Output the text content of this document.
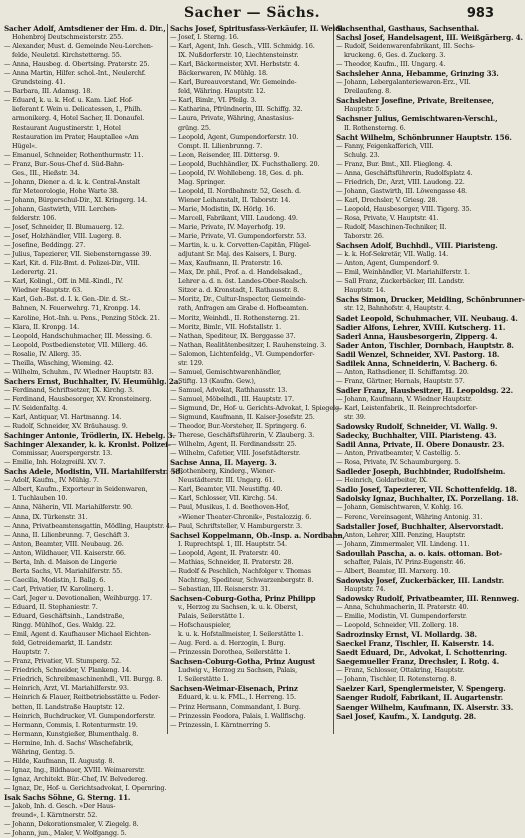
Sacher — Sächs.	983
Sacher Adolf, Amtsdiener der Hm. d. Dir.,
Hohenbroj Deutschmeisterstr. 255.
— Alexander, Must. d. Gemeinde Neu-Lerchen-
felde, Neuletzl. Kirchstetterng. 55.
— Anna, Hausbeg. d. Obertsing. Praterstr. 25.
— Anna Martin, Hilfer. schol.-Int., Neulerchf.
Grundsteing. 41.
— Barbara, III. Adamsg. 18.
— Eduard, k. u. k. Hof. u. Kam. Lief. Hof-
lieferant f. Wein u. Delicatessen, I., Philh.
armonikerg. 4, Hotel Sacher, II. Donaufel.
Restaurant Augustinerstr. 1, Hotel
Restauration im Prater, Hauptallee »Am
Hügel«.
— Emanuel, Schneider, Rothenthurmstr. 11.
— Franz, Bur.-Sous-Chef d. Süd-Bahn-
Ges., III., Hießstr. 34.
— Johann, Diener a. d. k. k. Central-Anstalt
für Meteorologie, Hohe Warte 38.
— Johann, Bürgerschul-Dir., XI. Kringerg. 14.
— Johann, Gastwirth, VIII. Lerchen-
felderstr. 106.
— Josef, Schneider, II. Blumauerg. 12.
— Josef, Holzhändler, VIII. Lugerg. 8.
— Josefine, Beddingg. 27.
— Julius, Tapezierer, VII. Siebensterngasse 39.
— Karl, Kit. d. Filz-Bmt. d. Polizei-Dir., VIII.
Lederertg. 21.
— Karl, Kolingl., Off. in Mil.-Kindl., IV.
Wiedner Hauptstr. 63.
— Karl, Geh.-Bst. d. I. k. Gen.-Dir. d. St.-
Bahnen, N. Feuerwehrg. 71, Kronpg. 14.
— Karoline, Hot.-Inh. u. Pens., Penzing Stöck. 21.
— Klara, II. Kronpg. 14.
— Leopold, Handschuhmacher, III. Messing. 6.
— Leopold, Postbediensteter, VII. Millerg. 46.
— Rosalie, IV. Allerg. 35.
— Theilla, Wäsching, Wieming. 42.
— Wilhelm, Schuhm., IV. Wiedner Hauptstr. 83.
Sachers Ernst, Buchhalter, IV. Heumühlg. 2a.
— Ferdinand, Schriftsetzer, IX. Kirchg. 3.
— Ferdinand, Hausbesorger, XV. Kronsteinerg.
— IV. Seidenfaltg. 4.
— Karl, Antiquar, VI. Hartmanng. 14.
— Rudolf, Schneider, XV. Bräuhausg. 9.
Sachinger Antonie, Trödlerin, IX. Hebelg. 3.
Sachinger Alexander, k. k. Kronlst. Polizei-
Commissar, Auerspergerstr. 13.
— Emilie, Inh. Holzgreißl. XV. 7.
Sachs Adele, Modistin, VII. Mariahilferstr. 58.
— Adolf, Kaufm., IV. Mühlg. 7.
— Albert, Kaufm., Exporteur in Seidenwaren,
I. Tuchlauben 10.
— Anna, Näherin, VII. Mariahilferstr. 90.
— Anna, IX. Türkenstr. 31.
— Anna, Privatbeamtensgattin, Mödling, Hauptstr. 4.
— Anna, II. Lilienbrunng. 7, Geschäft 3.
— Anton, Beamter, VIII. Neubaug. 26.
— Anton, Wildhauer, VII. Kaiserstr. 66.
— Berta, Inh. d. Maison de Lingerie
Berta Sachs, VI. Mariahilferstr. 55.
— Caecilia, Modistin, I. Ballg. 6.
— Carl, Privatier, IV. Karolinerg. 1.
— Carl, Jeger u. Devotionalien, Weihburgg. 17.
— Eduard, II. Stephaniestr. 7.
— Eduard, Geschäftsinh., Landstraße,
Ringg. Mühlhof., Ges. Waldg. 22.
— Emil, Agent d. Kaufhauser Michael Eichten-
feld, Getreidemarkt, II. Landstr.
Hauptstr. 7.
— Franz, Privatier, VI. Stumperg. 52.
— Friedrich, Schneider, V. Plankeng. 14.
— Friedrich, Schreibmaschinenhdl., VII. Burgg. 8.
— Heinrich, Arzt, VI. Mariahilferstr. 93.
— Heinrich & Flauer, Reitbetriebsstätte u. Feder-
betten, II. Landstraße Hauptstr. 12.
— Heinrich, Buchdrucker, VI. Gumpendorferstr.
— Hermann, Commis, I. Rotenturmstr. 19.
— Hermann, Kunstgießer, Blumenthalg. 8.
— Hermine, Inh. d. Sachs' Wäschefabrik,
Währing, Gentzg. 5.
— Hilde, Kaufmann, II. Augustg. 8.
— Ignaz, Ing., Bildhauer, XVIII. Weimarerstr.
— Ignaz, Architekt. Bür.-Chef, IV. Belvedereg.
— Ignaz, Dr., Hof- u. Gerichtsadvokat, I. Opernring.
Isak Sachs Söhne, G. Sterng. 11.
— Jakob, Inh. d. Gesch. »Der Haus-
freund«, I. Kärntnerstr. 52.
— Johann, Dekorationsmaler, V. Ziegelg. 8.
— Johann, jun., Maler, V. Wolfgangg. 5.
Sachs Josef, Spiritusfass-Verkäufer, II. Weidl.
— Josef, I. Sterng. 16.
— Karl, Agent, Inh. Gesch., VIII. Schmidg. 16.
IX. Nußdorferstr. 10, Liechtensteinstr.
— Karl, Bäckermeister, XVI. Herbststr. 4.
Bäckerwaren, IV. Mühlg. 18.
— Karl, Bureauvorstand, Wr. Gemeinde-
feld, Währing. Hauptstr. 12.
— Karl, Bimlr., VI. Pfeilg. 3.
— Katharina, Pfründnerin, III. Schiffg. 32.
— Laura, Private, Währing, Anastasius-
grüng. 25.
— Leopold, Agent, Gumpendorferstr. 10.
Compt. II. Lilienbrunng. 7.
— Leon, Reisender, III. Dittersg. 9.
— Leopold, Buchhändler, IX. Fuchsthallerg. 20.
— Leopold, IV. Wohllebeng. 18, Ges. d. ph.
Mag. Springer.
— Leopold, II. Nordbahnstr. 52, Gesch. d.
Wiener Leihanstalt, II. Taborstr. 14.
— Marie, Modistin, IX. Hörlg. 16.
— Marcell, Fabrikant, VIII. Laudong. 49.
— Marie, Private, IV. Mayerhofg. 19.
— Marie, Private, VI. Gumpendorferstr. 53.
— Martin, k. u. k. Corvetten-Capitän, Flügel-
adjutant Sr. Maj. des Kaisers, I. Burg.
— Max, Kaufmann, II. Praterstr. 16.
— Max, Dr. phil., Prof. a. d. Handelsakad.,
Lehrer a. d. n. öst. Landes-Ober-Realsch.
Sitzor a. d. Kronstadt, I. Rathausstr. 8.
— Moritz, Dr., Cultur-Inspector, Gemeinde-
rath, Anfragen am Grabe d. Hofbeamten.
— Moritz, Weinhdl., II. Rothensterng. 21.
— Moritz, Bimlr., VII. Hofstallstr. 1.
— Nathan, Spediteur, IX. Berggasse 37.
— Nathan, Realitätenbesitzer, I. Rauhensteing. 3.
— Salomon, Lichtenfeldg., VI. Gumpendorfer-
str. 129.
— Samuel, Gemischtwarenhändler,
Stiftg. 13 (Kaufm. Gew.),
— Samuel, Advokat, Rathhausstr. 13.
— Samuel, Möbelhdl., III. Hauptstr. 17.
— Sigmund, Dr., Hof- u. Gerichts-Advokat, I. Spiegelg.
— Sigmund, Kaufmann, II. Kaiser-Josefstr. 25.
— Theodor, Bur.-Vorsteher, II. Springerg. 6.
— Therese, Geschäftsführerin, V. Zlauberg. 3.
— Wilhelm, Agent, II. Ferdinandsstr. 25.
— Wilhelm, Cafetier, VIII. Josefstädterstr.
Sachse Anna, II. Mayerg. 3.
— Rothenberg, Kinderg., Wiener-
Neustädterstr. III. Ungarg. 61.
— Karl, Beamter, VII. Neustiftg. 40.
— Karl, Schlosser, VII. Kirchg. 54.
— Paul, Musikus, I. d. Beethoven-Hof,
»Wiener Theater-Chronik«, Pestalozzig. 6.
— Paul, Schriftsteller, V. Hamburgerstr. 3.
Sachsel Koppelmann, Ob.-Insp. a. Nordbahn,
I. Ruprechtspl. 1, III. Hauptstr. 54.
— Leopold, Agent, II. Praterstr. 40.
— Mathias, Schneider, II. Praterstr. 28.
— Rudolf & Peschlich, Nachfolger v. Thomas
Nachtrag, Spediteur, Schwarzenbergstr. 8.
— Sebastian, III. Reisnerstr. 31.
Sachsen-Coburg-Gotha, Prinz Philipp
v., Herzog zu Sachsen, k. u. k. Oberst,
Palais, Seilerstätte 1.
— Hofschauspieler,
k. u. k. Hofstallmeister, I. Seilerstätte 1.
— Aug. Ferd. a. d. Herzogin, I. Burg.
— Prinzessin Dorothea, Seilerstätte 1.
Sachsen-Coburg-Gotha, Prinz August
Ludwig v., Herzog zu Sachsen, Palais,
I. Seilerstätte 1.
Sachsen-Weimar-Eisenach, Prinz
Eduard, k. u. k. FML., I. Herreng. 15.
— Prinz Hermann, Commandant, I. Burg.
— Prinzessin Feodora, Palais, I. Wallfischg.
— Prinzessin, I. Kärntnerring 5.
Sachsenthal, Gasthaus, Sachsenthal.
Sachsl Josef, Handelsagent, III. Weißgärberg. 4.
— Rudolf, Seidenwarenfabrikant, III. Sechs-
kruckeng. 6, Ges. d. Zuckerg. 3.
— Theodor, Kaufm., III. Ungarg. 4.
Sachsleher Anna, Hebamme, Grinzing 33.
— Johann, Lebergalanteriewaren-Erz., VII.
Dreilaufeng. 8.
Sachsleher Josefine, Private, Breitensee,
Hauptstr. 5.
Sachsner Julius, Gemischtwaren-Verschl.,
II. Rothensterng. 6.
Sacht Wilhelm, Schönbrunner Hauptstr. 156.
— Fanny, Feigenkafferich, VIII.
Schulg. 23.
— Franz, Bur. Bmt., XII. Fliegleng. 4.
— Anna, Geschäftsführerin, Rudolfsplatz 4.
— Friedrich, Dr., Arzt, VIII. Laudong. 22.
— Johann, Gastwirth, III. Löwengasse 48.
— Karl, Drechsler, V. Griesg. 28.
— Leopold, Hausbesorger, VIII. Tigerg. 35.
— Rosa, Private, V. Hauptstr. 41.
— Rudolf, Maschinen-Techniker, II.
Taborstr. 26.
Sachsen Adolf, Buchhdl., VIII. Piaristeng.
— k. k. Hof-Sekretär, VII. Wallg. 14.
— Anton, Agent, Gumpendorf. 9.
— Emil, Weinhändler, VI. Mariahilferstr. 1.
— Sall Franz, Zuckerbäcker, III. Landstr.
Hauptstr. 14.
Sachs Simon, Drucker, Meidling, Schönbrunner-
str. 12, Bahnhofstr. 4, Hauptstr. 4.
Sadet Leopold, Schuhmacher, VII. Neubaug. 4.
Sadier Alfons, Lehrer, XVIII. Kutscherg. 11.
Saderl Anna, Hausbesorgerin, Zipperg. 4.
Sader Anton, Tischler, Dornbach, Hauptstr. 8.
Sadil Wenzel, Schneider, XVI. Pastorg. 18.
Sadilek Anna, Schneiderin, V. Bacherg. 6.
— Anton, Rathsdiener, II. Schiffamtsg. 20.
— Franz, Gärtner, Hernals, Hauptstr. 57.
Sadler Franz, Hausbesitzer, II. Leopoldsg. 22.
— Johann, Kaufmann, V. Wiedner Hauptstr.
— Karl, Leistenfabrik., II. Reinprechtsdorfer-
str. 39.
Sadowsky Rudolf, Schneider, VI. Wallg. 9.
Sadecky, Buchhalter, VIII. Piaristeng. 43.
Sadil Anna, Private, II. Obere Donaustr. 23.
— Anton, Privatbeamter, V. Castellig. 5.
— Rosa, Private, IV. Schaumburgerg. 5.
Sadleder Joseph, Buchbinder, Rudolfsheim.
— Heinrich, Goldarbeiter, IX.
Sadlo Josef, Tapezierer, VII. Schottenfeldg. 18.
Sadolsky Ignaz, Buchhalter, IX. Porzellang. 18.
— Johann, Gemischtwaren, V. Kohlg. 16.
— Ferenc, Vereinsagent, Währing Antonig. 31.
Sadstaller Josef, Buchhalter, Alservorstadt.
— Anton, Lehrer, XIII. Penzing, Hauptstr.
— Johann, Zimmermaler, VII. Lindeng. 11.
Sadoullah Pascha, a. o. kais. ottoman. Bot-
schafter, Palais, IV. Prinz-Eugenstr. 46.
— Albert, Beamter, III. Marxerg. 10.
Sadowsky Josef, Zuckerbäcker, III. Landstr.
Hauptstr. 74.
Sadowsky Rudolf, Privatbeamter, III. Rennweg.
— Anna, Schuhmacherin, II. Praterstr. 40.
— Emilie, Modistin, VI. Gumpendorferstr.
— Leopold, Schneider, VII. Zollerg. 18.
Sadrozinsky Ernst, VI. Mollardg. 38.
Saeckel Franz, Tischler, II. Kaiserstr. 14.
Saedt Eduard, Dr., Advokat, I. Schottenring.
Saegemueller Franz, Drechsler, I. Rotg. 4.
— Franz, Schlosser, Ottakring, Hauptstr.
— Johann, Tischler, II. Rotensterng. 8.
Saelzer Karl, Spenglermeister, V. Spengerg.
Saenger Rudolf, Fabrikant, II. Augartenstr.
Saenger Wilhelm, Kaufmann, IX. Alserstr. 33.
Sael Josef, Kaufm., X. Landgutg. 28.
